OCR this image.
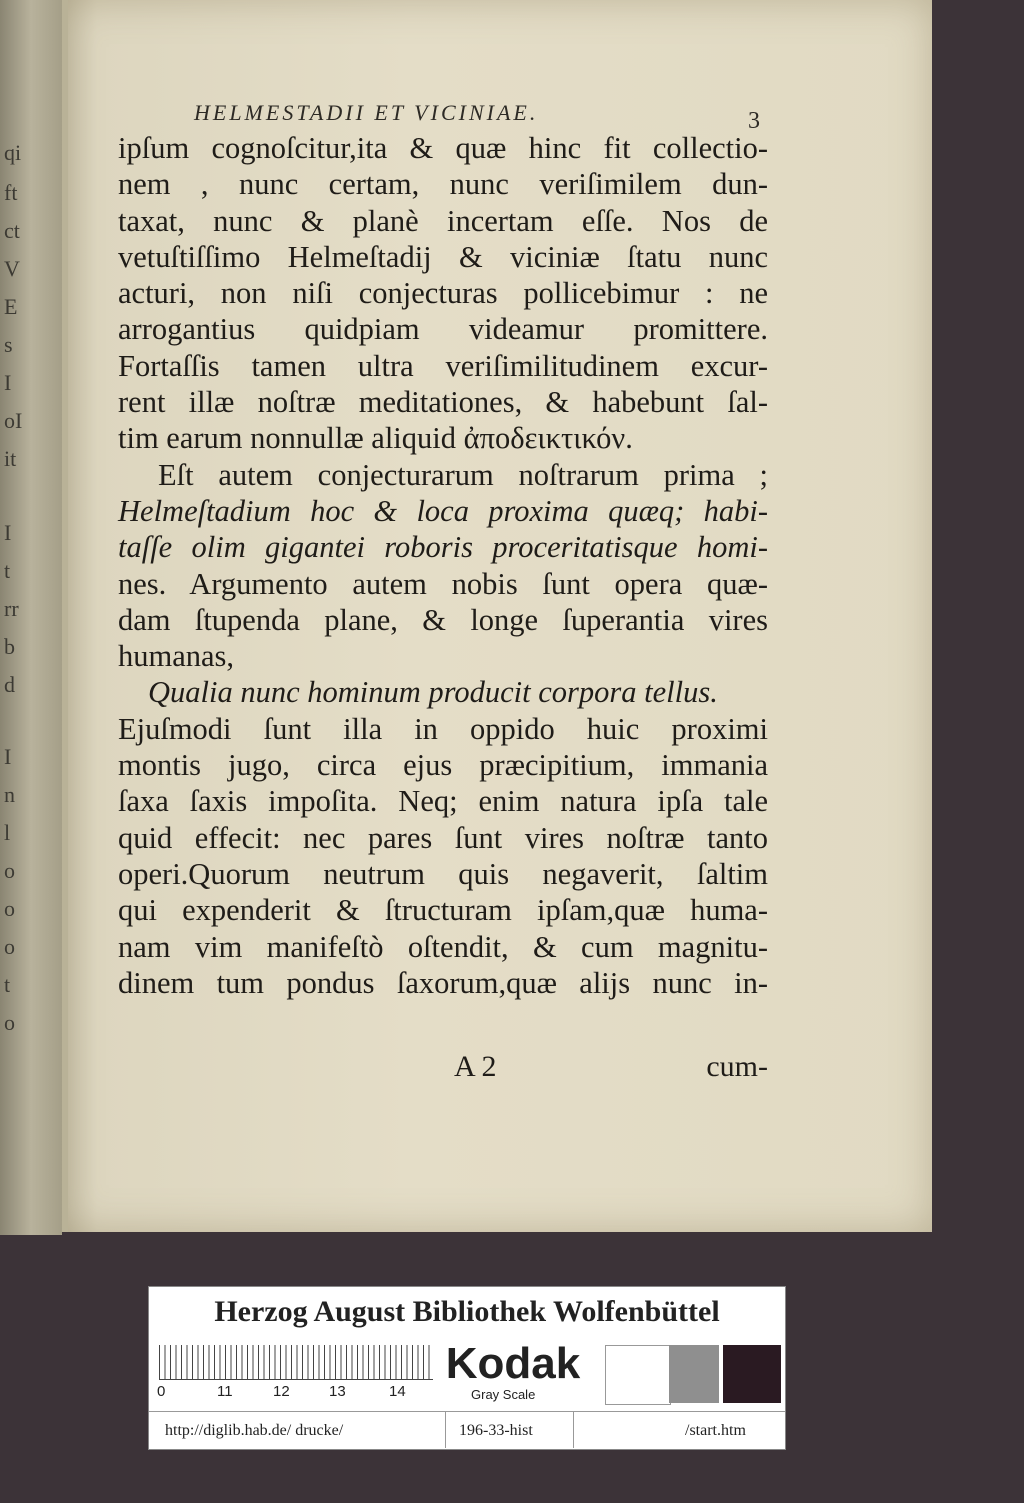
qi
ft
ct
V
E
s
I
oI
it
I
t
rr
b
d
I
n
l
o
o
o
t
o
HELMESTADII ET VICINIAE.	3
ipſum cognoſcitur,ita & quæ hinc fit collectio-
nem , nunc certam, nunc veriſimilem dun-
taxat, nunc & planè incertam eſſe. Nos de
vetuſtiſſimo Helmeſtadij & viciniæ ſtatu nunc
acturi, non niſi conjecturas pollicebimur : ne
arrogantius quidpiam videamur promittere.
Fortaſſis tamen ultra veriſimilitudinem excur-
rent illæ noſtræ meditationes, & habebunt ſal-
tim earum nonnullæ aliquid ἀποδεικτικόν.
Eſt autem conjecturarum noſtrarum prima ;
Helmeſtadium hoc & loca proxima quæq; habi-
taſſe olim gigantei roboris proceritatisque homi-
nes. Argumento autem nobis ſunt opera quæ-
dam ſtupenda plane, & longe ſuperantia vires
humanas,
Qualia nunc hominum producit corpora tellus.
Ejuſmodi ſunt illa in oppido huic proximi
montis jugo, circa ejus præcipitium, immania
ſaxa ſaxis impoſita. Neq; enim natura ipſa tale
quid effecit: nec pares ſunt vires noſtræ tanto
operi.Quorum neutrum quis negaverit, ſaltim
qui expenderit & ſtructuram ipſam,quæ huma-
nam vim manifeſtò oſtendit, & cum magnitu-
dinem tum pondus ſaxorum,quæ alijs nunc in-
A 2	cum-
Herzog August Bibliothek Wolfenbüttel
0	11	12	13	14
Kodak
Gray Scale
http://diglib.hab.de/ drucke/	196-33-hist	/start.htm
